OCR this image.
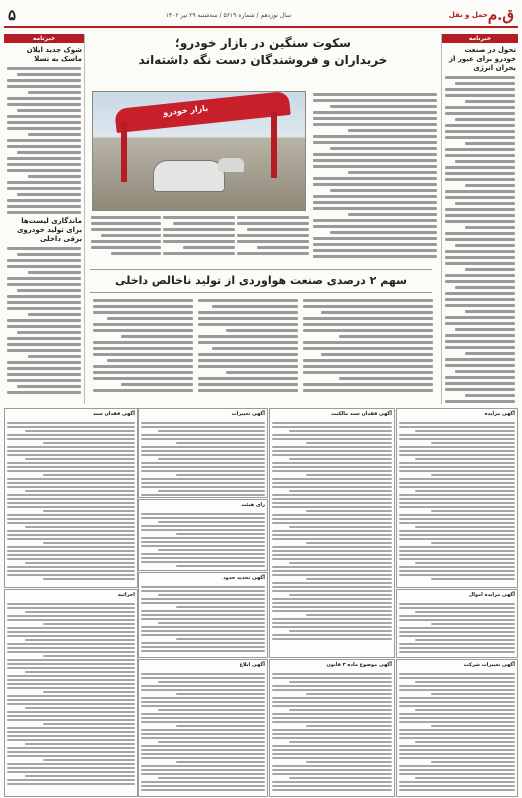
ق.م
حمل و نقل
سال نوزدهم / شماره ۵۶۱۹ / سه‌شنبه ۲۹ تیر ۱۴۰۲
۵
خبرنامه
تحول در صنعت خودرو برای عبور از بحران انرژی
خبرنامه
شوک جدید ایلان ماسک به تسلا
ماندگاری لیست‌ها برای تولید خودروی برقی داخلی
سکوت سنگین در بازار خودرو؛
خریداران و فروشندگان دست نگه داشته‌اند
بازار خودرو
سهم ۲ درصدی صنعت هواوردی از تولید ناخالص داخلی
آگهی مزایده
آگهی فقدان سند مالکیت
آگهی تغییرات
آگهی فقدان سند
رای هیئت
آگهی تحدید حدود
آگهی مزایده اموال
اجرائیه
آگهی تغییرات شرکت
آگهی موضوع ماده ۳ قانون
آگهی ابلاغ
